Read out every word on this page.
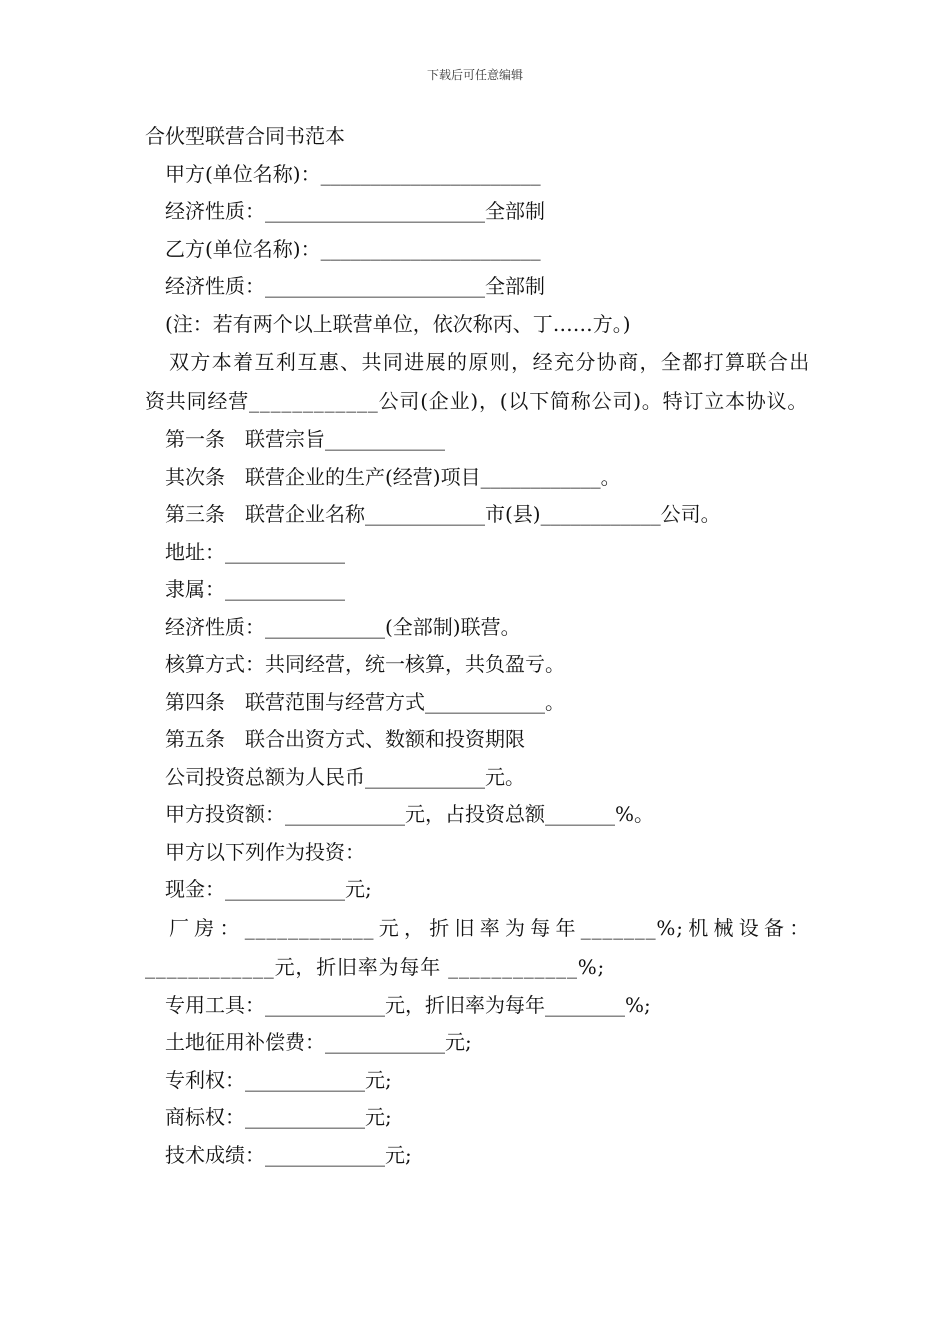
下载后可任意编辑

合伙型联营合同书范本

甲方(单位名称)：______________________

经济性质：______________________全部制

乙方(单位名称)：______________________

经济性质：______________________全部制

(注：若有两个以上联营单位，依次称丙、丁……方。)

双方本着互利互惠、共同进展的原则，经充分协商，全都打算联合出资共同经营____________公司(企业)，(以下简称公司)。特订立本协议。

第一条　联营宗旨____________

其次条　联营企业的生产(经营)项目____________。

第三条　联营企业名称____________市(县)____________公司。

地址：____________

隶属：____________

经济性质：____________(全部制)联营。

核算方式：共同经营，统一核算，共负盈亏。

第四条　联营范围与经营方式____________。

第五条　联合出资方式、数额和投资期限

公司投资总额为人民币____________元。

甲方投资额：____________元，占投资总额_______%。

甲方以下列作为投资：

现金：____________元;

厂房：____________元，折旧率为每年_______%;机械设备：____________元，折旧率为每年 ____________%;

专用工具：____________元，折旧率为每年________%;

土地征用补偿费：____________元;

专利权：____________元;

商标权：____________元;

技术成绩：____________元;
